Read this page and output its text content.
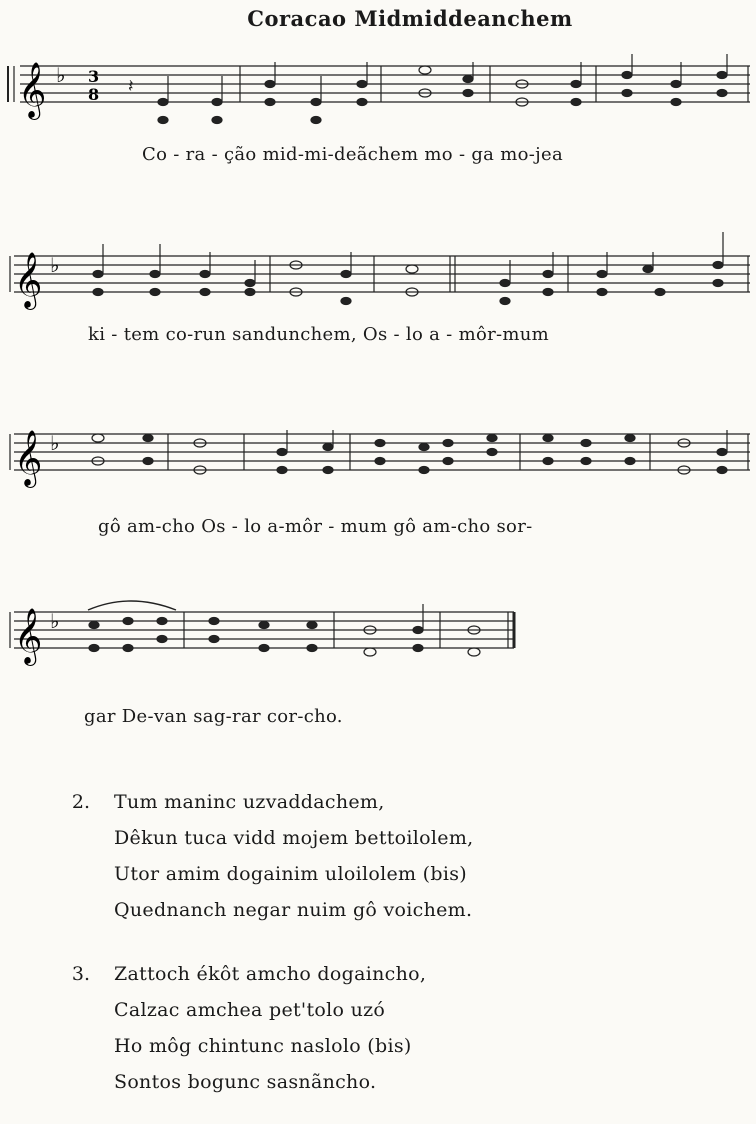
Coracao Midmiddeanchem
𝄞 ♭ 3
8 𝄽
Co - ra - ção mid-mi-deãchem mo - ga mo-jea
𝄞 ♭
ki - tem co-run sandunchem, Os - lo a - môr-mum
𝄞 ♭
gô am-cho Os - lo a-môr - mum gô am-cho sor-
𝄞 ♭
gar De-van sag-rar cor-cho.
2. Tum maninc uzvaddachem,
Dêkun tuca vidd mojem bettoilolem,
Utor amim dogainim uloilolem (bis)
Quednanch negar nuim gô voichem.
3. Zattoch ékôt amcho dogaincho,
Calzac amchea pet'tolo uzó
Ho môg chintunc naslolo (bis)
Sontos bogunc sasnãncho.
